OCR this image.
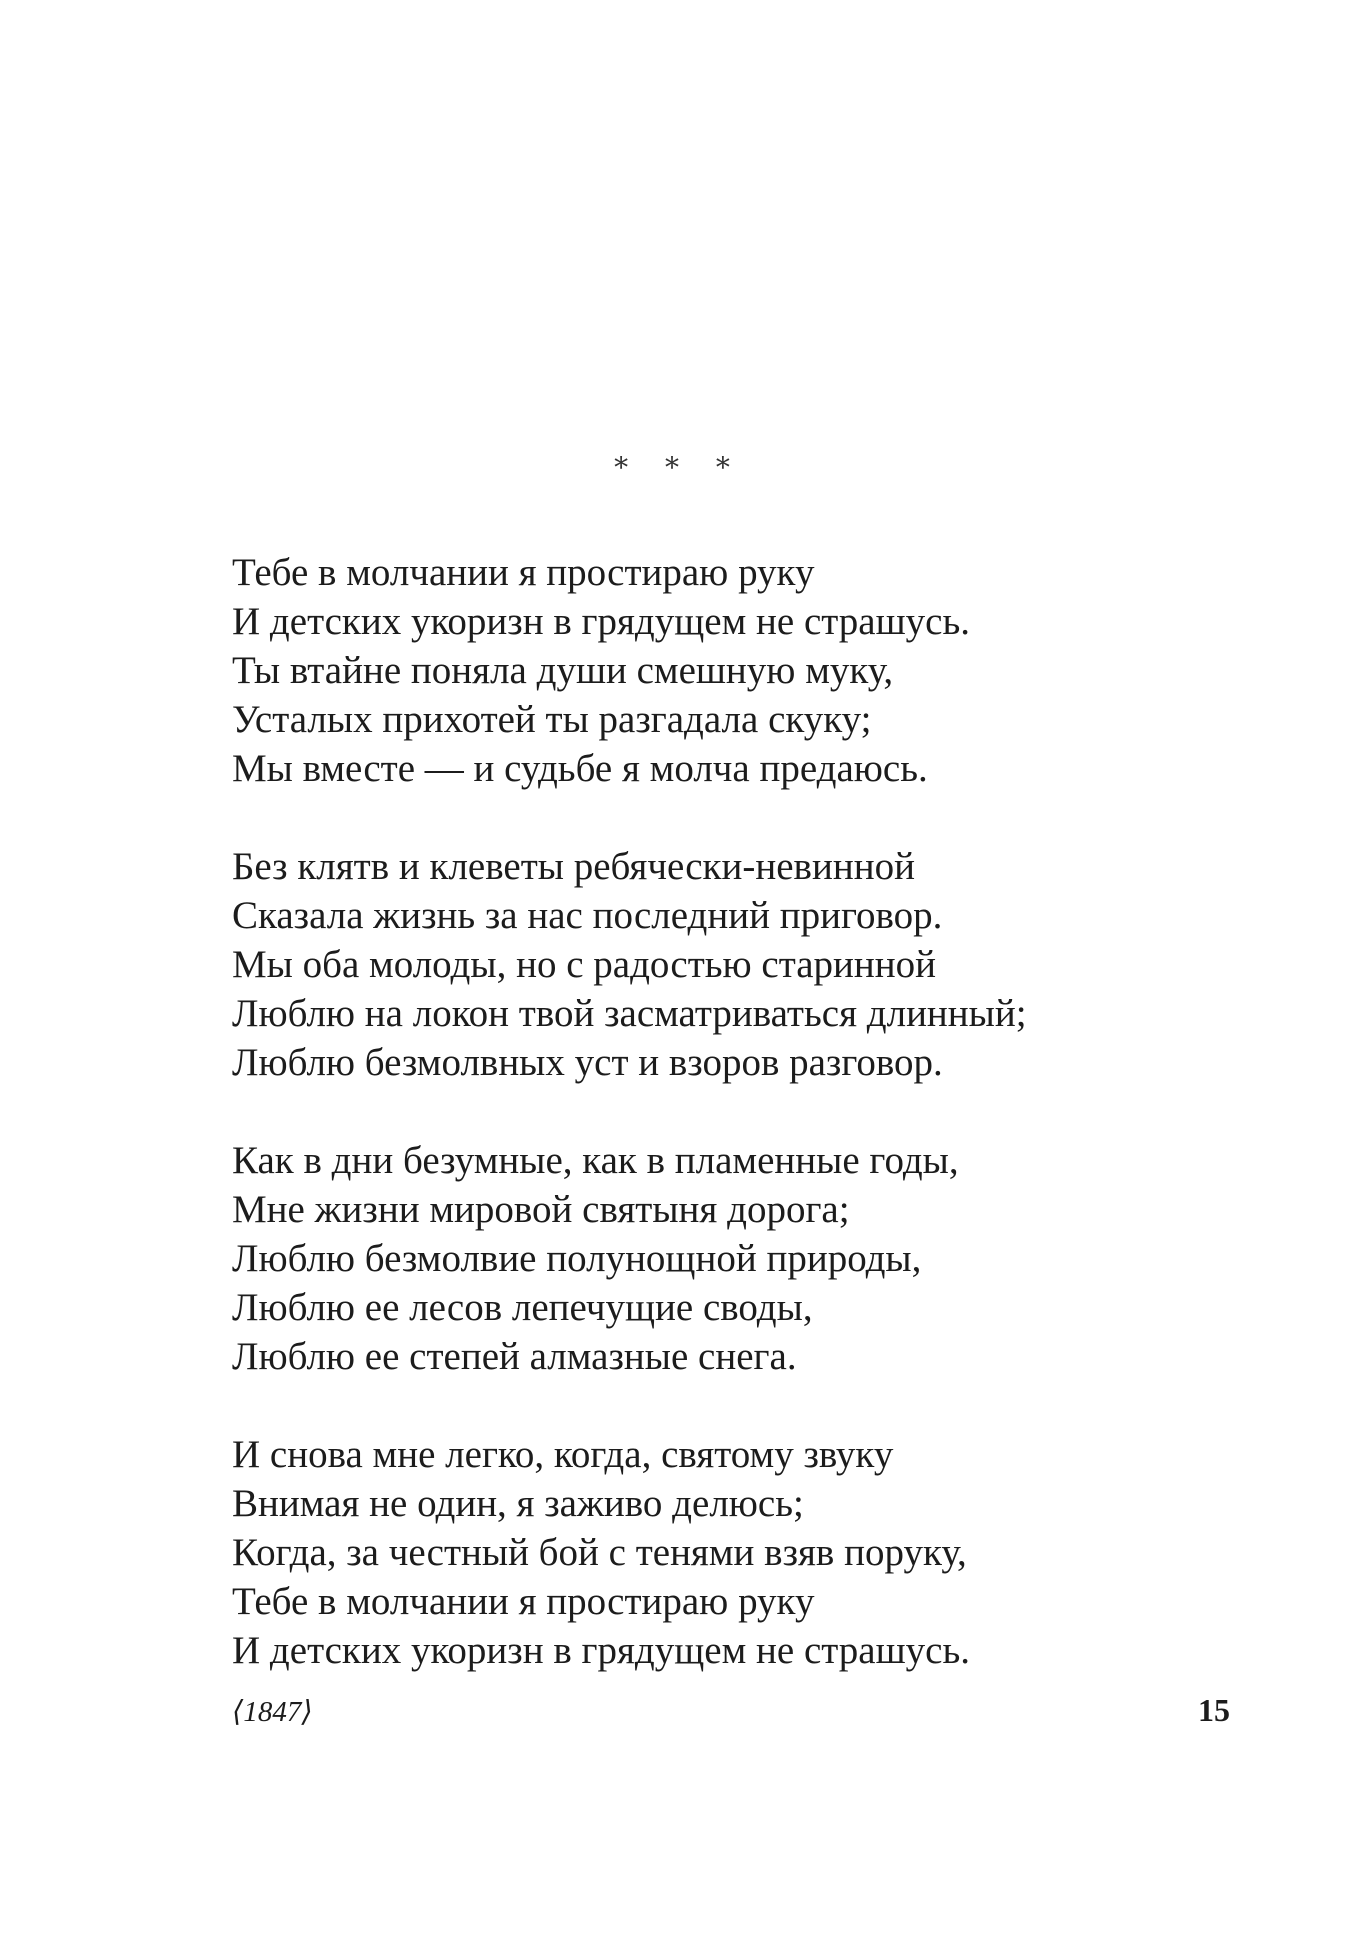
* * *
Тебе в молчании я простираю руку
И детских укоризн в грядущем не страшусь.
Ты втайне поняла души смешную муку,
Усталых прихотей ты разгадала скуку;
Мы вместе — и судьбе я молча предаюсь.
Без клятв и клеветы ребячески-невинной
Сказала жизнь за нас последний приговор.
Мы оба молоды, но с радостью старинной
Люблю на локон твой засматриваться длинный;
Люблю безмолвных уст и взоров разговор.
Как в дни безумные, как в пламенные годы,
Мне жизни мировой святыня дорога;
Люблю безмолвие полунощной природы,
Люблю ее лесов лепечущие своды,
Люблю ее степей алмазные снега.
И снова мне легко, когда, святому звуку
Внимая не один, я заживо делюсь;
Когда, за честный бой с тенями взяв поруку,
Тебе в молчании я простираю руку
И детских укоризн в грядущем не страшусь.
⟨1847⟩	15
